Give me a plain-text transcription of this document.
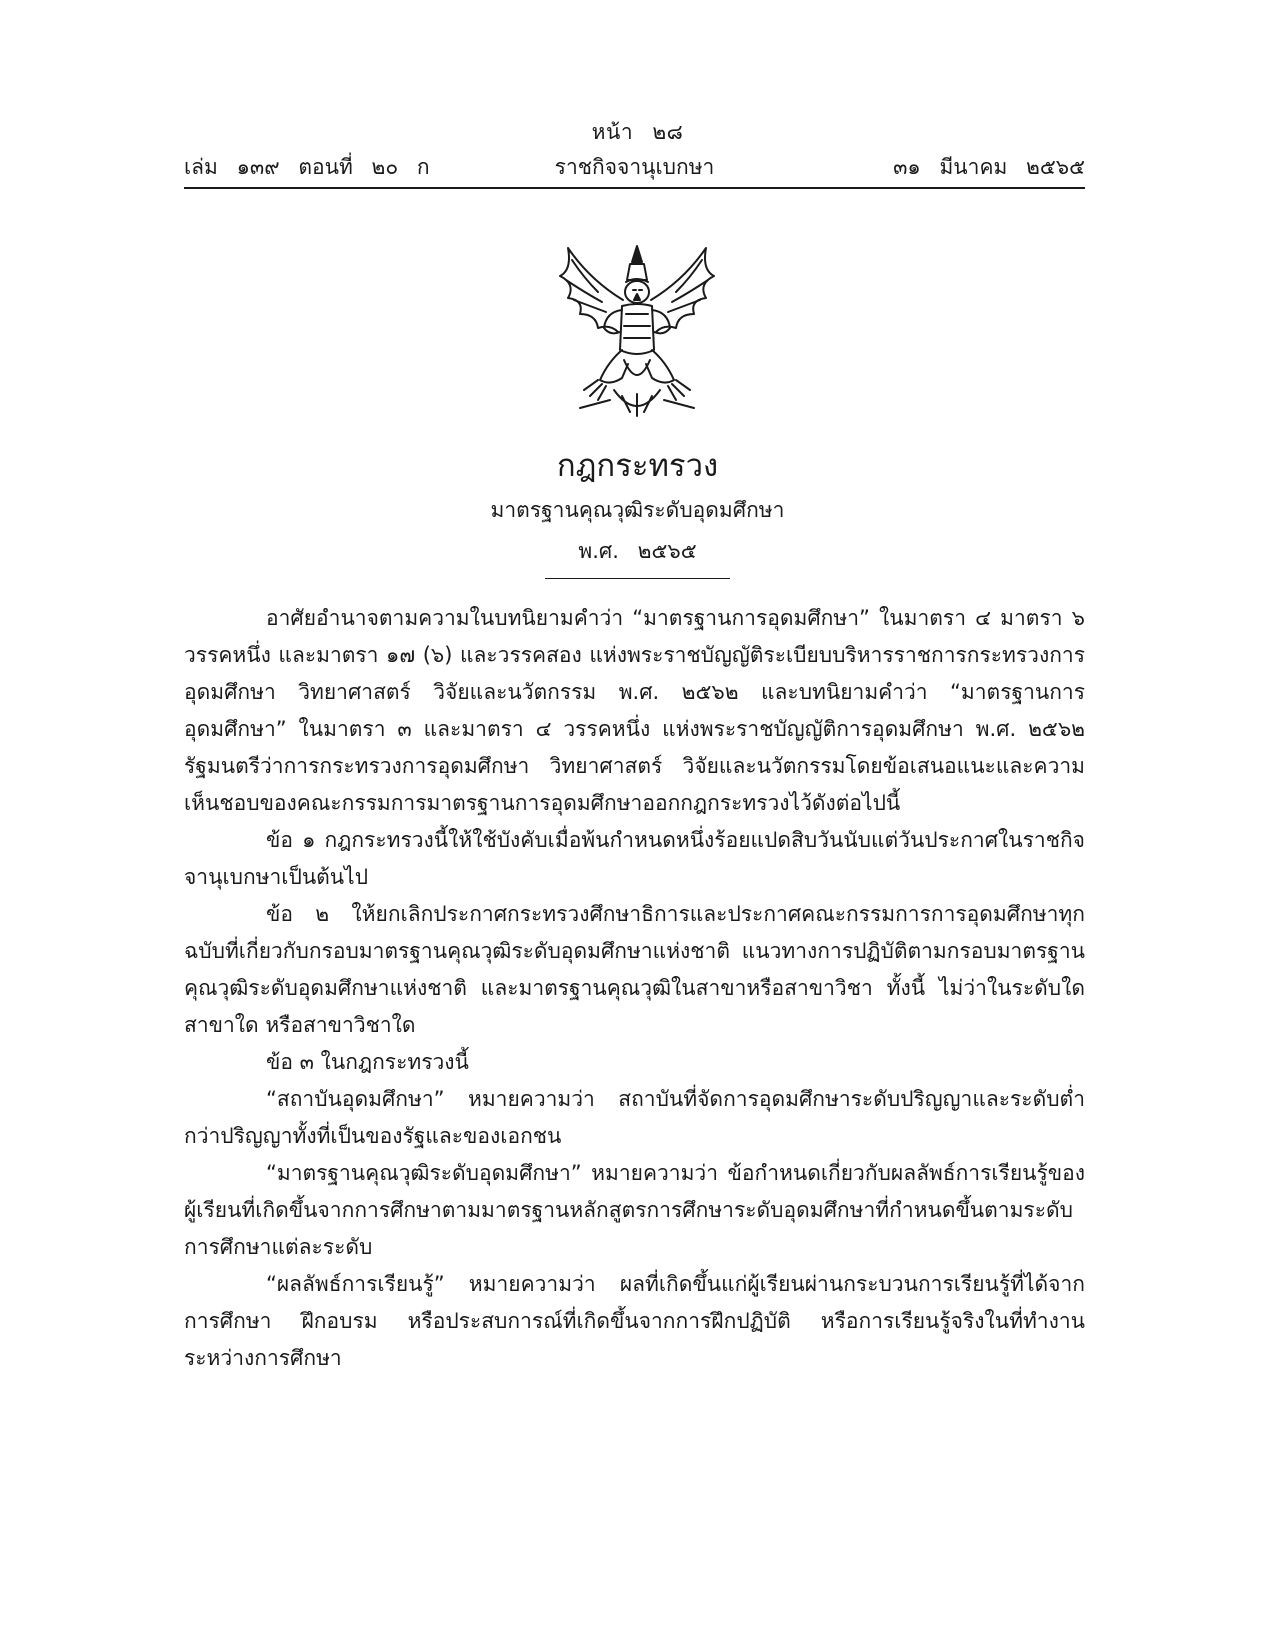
หน้า ๒๘
เล่ม ๑๓๙ ตอนที่ ๒๐ ก	ราชกิจจานุเบกษา	๓๑ มีนาคม ๒๕๖๕
กฎกระทรวง
มาตรฐานคุณวุฒิระดับอุดมศึกษา
พ.ศ. ๒๕๖๕

อาศัยอำนาจตามความในบทนิยามคำว่า “มาตรฐานการอุดมศึกษา” ในมาตรา ๔ มาตรา ๖ วรรคหนึ่ง และมาตรา ๑๗ (๖) และวรรคสอง แห่งพระราชบัญญัติระเบียบบริหารราชการกระทรวงการอุดมศึกษา วิทยาศาสตร์ วิจัยและนวัตกรรม พ.ศ. ๒๕๖๒ และบทนิยามคำว่า “มาตรฐานการอุดมศึกษา” ในมาตรา ๓ และมาตรา ๔ วรรคหนึ่ง แห่งพระราชบัญญัติการอุดมศึกษา พ.ศ. ๒๕๖๒ รัฐมนตรีว่าการกระทรวงการอุดมศึกษา วิทยาศาสตร์ วิจัยและนวัตกรรมโดยข้อเสนอแนะและความเห็นชอบของคณะกรรมการมาตรฐานการอุดมศึกษาออกกฎกระทรวงไว้ดังต่อไปนี้

ข้อ ๑ กฎกระทรวงนี้ให้ใช้บังคับเมื่อพ้นกำหนดหนึ่งร้อยแปดสิบวันนับแต่วันประกาศในราชกิจจานุเบกษาเป็นต้นไป

ข้อ ๒ ให้ยกเลิกประกาศกระทรวงศึกษาธิการและประกาศคณะกรรมการการอุดมศึกษาทุกฉบับที่เกี่ยวกับกรอบมาตรฐานคุณวุฒิระดับอุดมศึกษาแห่งชาติ แนวทางการปฏิบัติตามกรอบมาตรฐานคุณวุฒิระดับอุดมศึกษาแห่งชาติ และมาตรฐานคุณวุฒิในสาขาหรือสาขาวิชา ทั้งนี้ ไม่ว่าในระดับใด สาขาใด หรือสาขาวิชาใด

ข้อ ๓ ในกฎกระทรวงนี้

“สถาบันอุดมศึกษา” หมายความว่า สถาบันที่จัดการอุดมศึกษาระดับปริญญาและระดับต่ำกว่าปริญญาทั้งที่เป็นของรัฐและของเอกชน

“มาตรฐานคุณวุฒิระดับอุดมศึกษา” หมายความว่า ข้อกำหนดเกี่ยวกับผลลัพธ์การเรียนรู้ของผู้เรียนที่เกิดขึ้นจากการศึกษาตามมาตรฐานหลักสูตรการศึกษาระดับอุดมศึกษาที่กำหนดขึ้นตามระดับการศึกษาแต่ละระดับ

“ผลลัพธ์การเรียนรู้” หมายความว่า ผลที่เกิดขึ้นแก่ผู้เรียนผ่านกระบวนการเรียนรู้ที่ได้จากการศึกษา ฝึกอบรม หรือประสบการณ์ที่เกิดขึ้นจากการฝึกปฏิบัติ หรือการเรียนรู้จริงในที่ทำงานระหว่างการศึกษา
